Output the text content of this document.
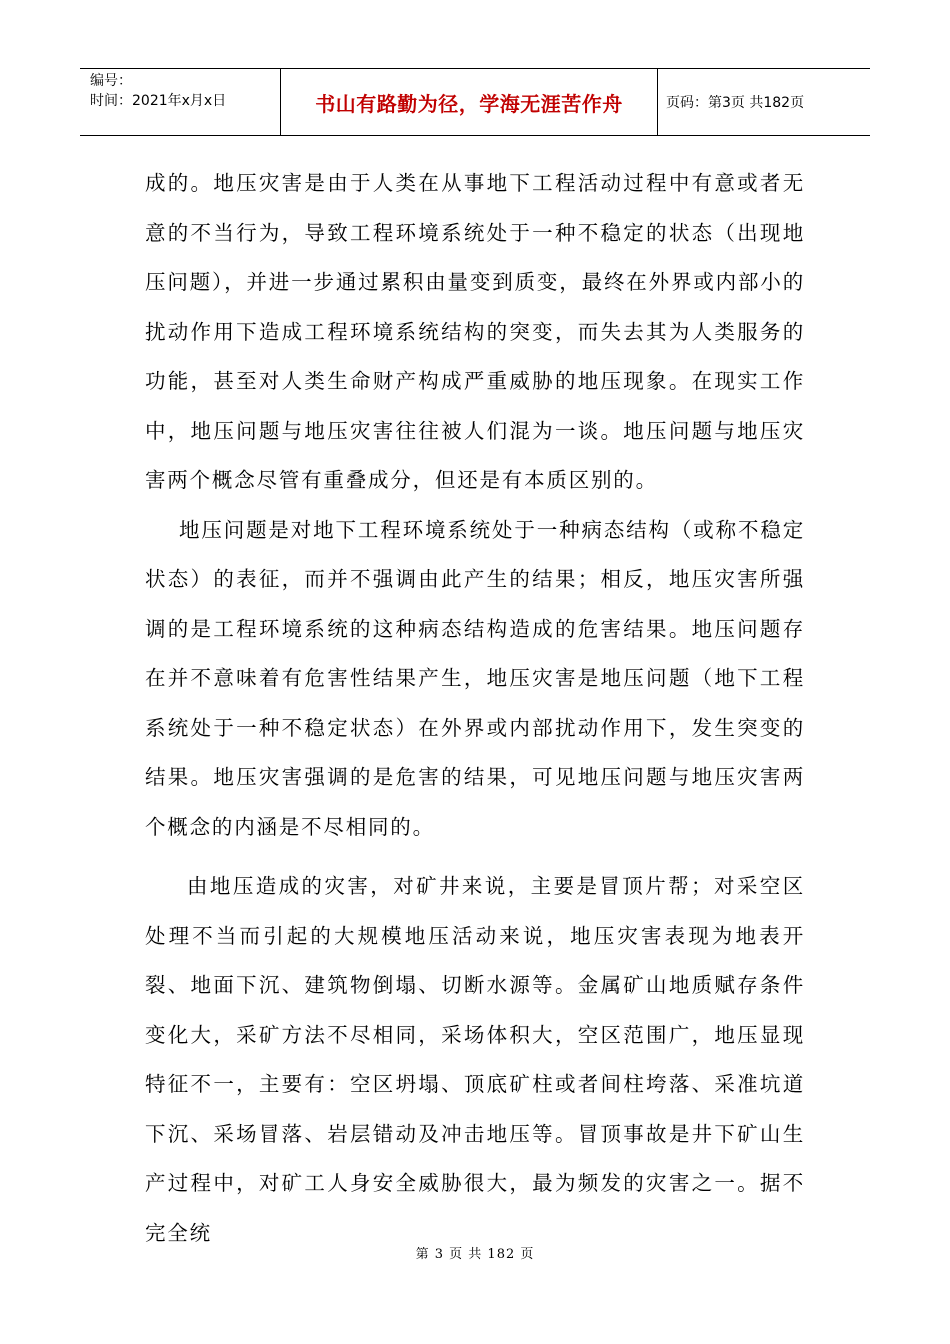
编号：
时间：2021年x月x日	书山有路勤为径，学海无涯苦作舟	页码：第3页 共182页

成的。地压灾害是由于人类在从事地下工程活动过程中有意或者无意的不当行为，导致工程环境系统处于一种不稳定的状态（出现地压问题），并进一步通过累积由量变到质变，最终在外界或内部小的扰动作用下造成工程环境系统结构的突变，而失去其为人类服务的功能，甚至对人类生命财产构成严重威胁的地压现象。在现实工作中，地压问题与地压灾害往往被人们混为一谈。地压问题与地压灾害两个概念尽管有重叠成分，但还是有本质区别的。

地压问题是对地下工程环境系统处于一种病态结构（或称不稳定状态）的表征，而并不强调由此产生的结果；相反，地压灾害所强调的是工程环境系统的这种病态结构造成的危害结果。地压问题存在并不意味着有危害性结果产生，地压灾害是地压问题（地下工程系统处于一种不稳定状态）在外界或内部扰动作用下，发生突变的结果。地压灾害强调的是危害的结果，可见地压问题与地压灾害两个概念的内涵是不尽相同的。

由地压造成的灾害，对矿井来说，主要是冒顶片帮；对采空区处理不当而引起的大规模地压活动来说，地压灾害表现为地表开裂、地面下沉、建筑物倒塌、切断水源等。金属矿山地质赋存条件变化大，采矿方法不尽相同，采场体积大，空区范围广，地压显现特征不一，主要有：空区坍塌、顶底矿柱或者间柱垮落、采准坑道下沉、采场冒落、岩层错动及冲击地压等。冒顶事故是井下矿山生产过程中，对矿工人身安全威胁很大，最为频发的灾害之一。据不完全统

第 3 页 共 182 页
